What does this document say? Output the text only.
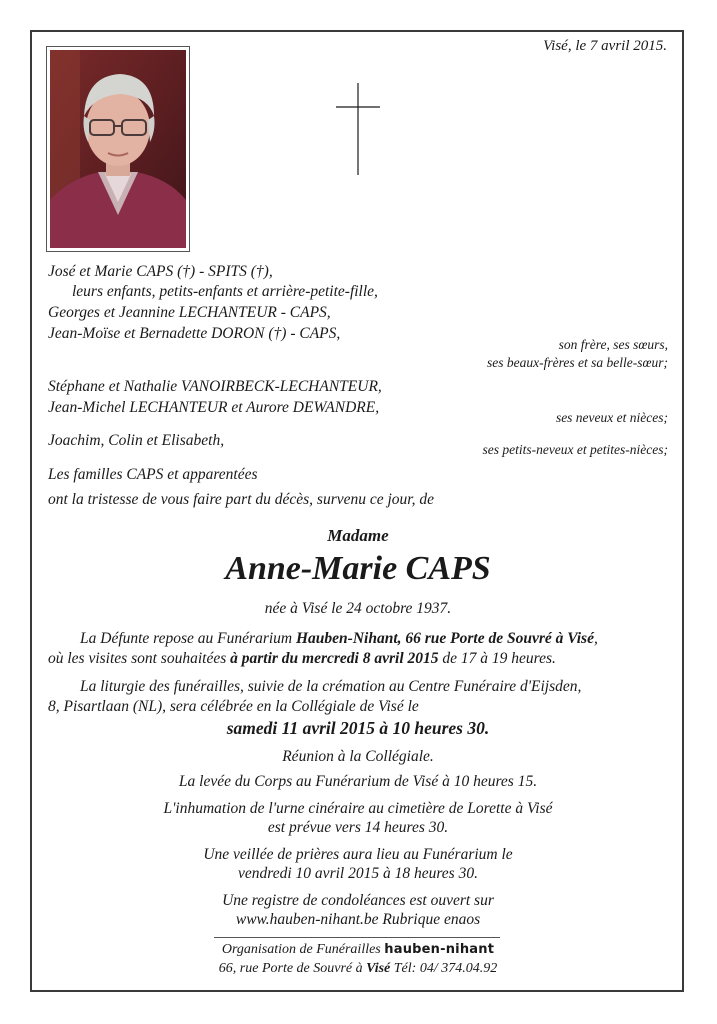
Visé, le 7 avril 2015.
José et Marie CAPS (†) - SPITS (†),
leurs enfants, petits-enfants et arrière-petite-fille,
Georges et Jeannine LECHANTEUR - CAPS,
Jean-Moïse et Bernadette DORON (†) - CAPS,
son frère, ses sœurs,
ses beaux-frères et sa belle-sœur;
Stéphane et Nathalie VANOIRBECK-LECHANTEUR,
Jean-Michel LECHANTEUR et Aurore DEWANDRE,
ses neveux et nièces;
Joachim, Colin et Elisabeth,
ses petits-neveux et petites-nièces;
Les familles CAPS et apparentées
ont la tristesse de vous faire part du décès, survenu ce jour, de
Madame
Anne-Marie CAPS
née à Visé le 24 octobre 1937.
La Défunte repose au Funérarium Hauben-Nihant, 66 rue Porte de Souvré à Visé,
où les visites sont souhaitées à partir du mercredi 8 avril 2015 de 17 à 19 heures.
La liturgie des funérailles, suivie de la crémation au Centre Funéraire d'Eijsden,
8, Pisartlaan (NL), sera célébrée en la Collégiale de Visé le
samedi 11 avril 2015 à 10 heures 30.
Réunion à la Collégiale.
La levée du Corps au Funérarium de Visé à 10 heures 15.
L'inhumation de l'urne cinéraire au cimetière de Lorette à Visé
est prévue vers 14 heures 30.
Une veillée de prières aura lieu au Funérarium le
vendredi 10 avril 2015 à 18 heures 30.
Une registre de condoléances est ouvert sur
www.hauben-nihant.be Rubrique enaos
Organisation de Funérailles hauben-nihant
66, rue Porte de Souvré à Visé Tél: 04/ 374.04.92
